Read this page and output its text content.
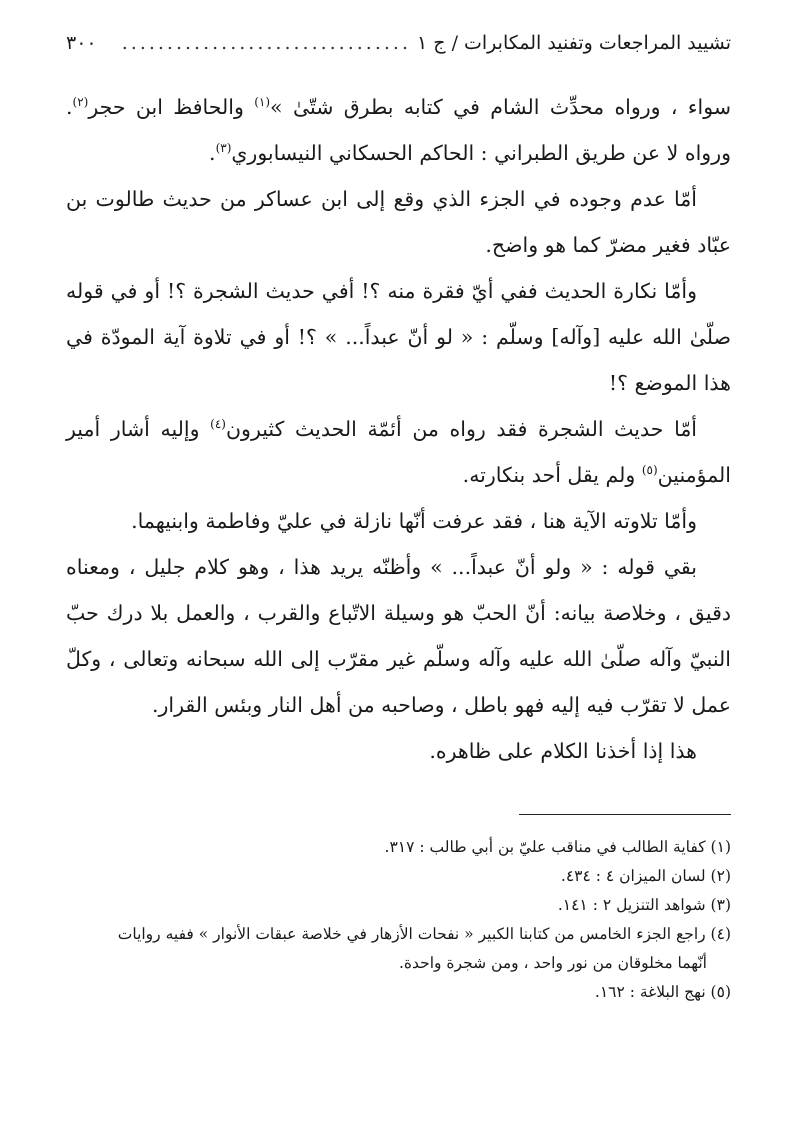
تشييد المراجعات وتفنيد المكابرات / ج ١
................................
٣٠٠

سواء ، ورواه محدِّث الشام في كتابه بطرق شتّىٰ »$^{(١)}$ والحافظ ابن حجر$^{(٢)}$. ورواه لا عن طريق الطبراني : الحاكم الحسكاني النيسابوري$^{(٣)}$.

أمّا عدم وجوده في الجزء الذي وقع إلى ابن عساكر من حديث طالوت بن عبّاد فغير مضرّ كما هو واضح.

وأمّا نكارة الحديث ففي أيّ فقرة منه ؟! أفي حديث الشجرة ؟! أو في قوله صلّىٰ الله عليه [وآله] وسلّم : « لو أنّ عبداً... » ؟! أو في تلاوة آية المودّة في هذا الموضع ؟!

أمّا حديث الشجرة فقد رواه من أئمّة الحديث كثيرون$^{(٤)}$ وإليه أشار أمير المؤمنين$^{(٥)}$ ولم يقل أحد بنكارته.

وأمّا تلاوته الآية هنا ، فقد عرفت أنّها نازلة في عليّ وفاطمة وابنيهما.

بقي قوله : « ولو أنّ عبداً... » وأظنّه يريد هذا ، وهو كلام جليل ، ومعناه دقيق ، وخلاصة بيانه: أنّ الحبّ هو وسيلة الاتّباع والقرب ، والعمل بلا درك حبّ النبيّ وآله صلّىٰ الله عليه وآله وسلّم غير مقرّب إلى الله سبحانه وتعالى ، وكلّ عمل لا تقرّب فيه إليه فهو باطل ، وصاحبه من أهل النار وبئس القرار.

هذا إذا أخذنا الكلام على ظاهره.

(١) كفاية الطالب في مناقب عليّ بن أبي طالب : ٣١٧.

(٢) لسان الميزان ٤ : ٤٣٤.

(٣) شواهد التنزيل ٢ : ١٤١.

(٤) راجع الجزء الخامس من كتابنا الكبير « نفحات الأزهار في خلاصة عبقات الأنوار » ففيه روايات
أنّهما مخلوقان من نور واحد ، ومن شجرة واحدة.

(٥) نهج البلاغة : ١٦٢.
